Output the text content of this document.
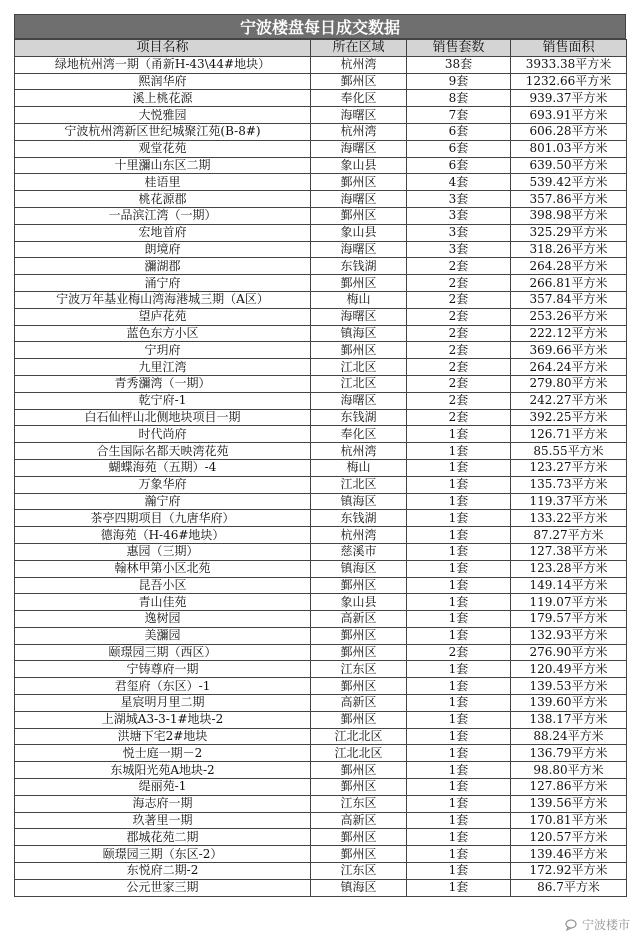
宁波楼盘每日成交数据
项目名称	所在区域	销售套数	销售面积
绿地杭州湾一期（甬新H-43\44#地块）	杭州湾	38套	3933.38平方米
熙润华府	鄞州区	9套	1232.66平方米
溪上桃花源	奉化区	8套	939.37平方米
大悦雅园	海曙区	7套	693.91平方米
宁波杭州湾新区世纪城聚江苑(B-8#)	杭州湾	6套	606.28平方米
观堂花苑	海曙区	6套	801.03平方米
十里瀰山东区二期	象山县	6套	639.50平方米
桂语里	鄞州区	4套	539.42平方米
桃花源郡	海曙区	3套	357.86平方米
一品滨江湾（一期）	鄞州区	3套	398.98平方米
宏地首府	象山县	3套	325.29平方米
朗境府	海曙区	3套	318.26平方米
瀰湖郡	东钱湖	2套	264.28平方米
涌宁府	鄞州区	2套	266.81平方米
宁波万年基业梅山湾海港城三期（A区）	梅山	2套	357.84平方米
望庐花苑	海曙区	2套	253.26平方米
蓝色东方小区	镇海区	2套	222.12平方米
宁玥府	鄞州区	2套	369.66平方米
九里江湾	江北区	2套	264.24平方米
青秀瀰湾（一期）	江北区	2套	279.80平方米
乾宁府-1	海曙区	2套	242.27平方米
白石仙枰山北侧地块项目一期	东钱湖	2套	392.25平方米
时代尚府	奉化区	1套	126.71平方米
合生国际名都天映湾花苑	杭州湾	1套	85.55平方米
蝴蝶海苑（五期）-4	梅山	1套	123.27平方米
万象华府	江北区	1套	135.73平方米
瀚宁府	镇海区	1套	119.37平方米
茶亭四期项目（九唐华府）	东钱湖	1套	133.22平方米
德海苑（H-46#地块）	杭州湾	1套	87.27平方米
惠园（三期）	慈溪市	1套	127.38平方米
翰林甲第小区北苑	镇海区	1套	123.28平方米
昆吾小区	鄞州区	1套	149.14平方米
青山佳苑	象山县	1套	119.07平方米
逸树园	高新区	1套	179.57平方米
美瀰园	鄞州区	1套	132.93平方米
颐璟园三期（西区）	鄞州区	2套	276.90平方米
宁铸尊府一期	江东区	1套	120.49平方米
君玺府（东区）-1	鄞州区	1套	139.53平方米
星宸明月里二期	高新区	1套	139.60平方米
上湖城A3-3-1#地块-2	鄞州区	1套	138.17平方米
洪塘下宅2#地块	江北北区	1套	88.24平方米
悦士庭一期－2	江北北区	1套	136.79平方米
东城阳光苑A地块-2	鄞州区	1套	98.80平方米
缇丽苑-1	鄞州区	1套	127.86平方米
海志府一期	江东区	1套	139.56平方米
玖著里一期	高新区	1套	170.81平方米
郡城花苑二期	鄞州区	1套	120.57平方米
颐璟园三期（东区-2）	鄞州区	1套	139.46平方米
东悦府二期-2	江东区	1套	172.92平方米
公元世家三期	镇海区	1套	86.7平方米
宁波楼市
